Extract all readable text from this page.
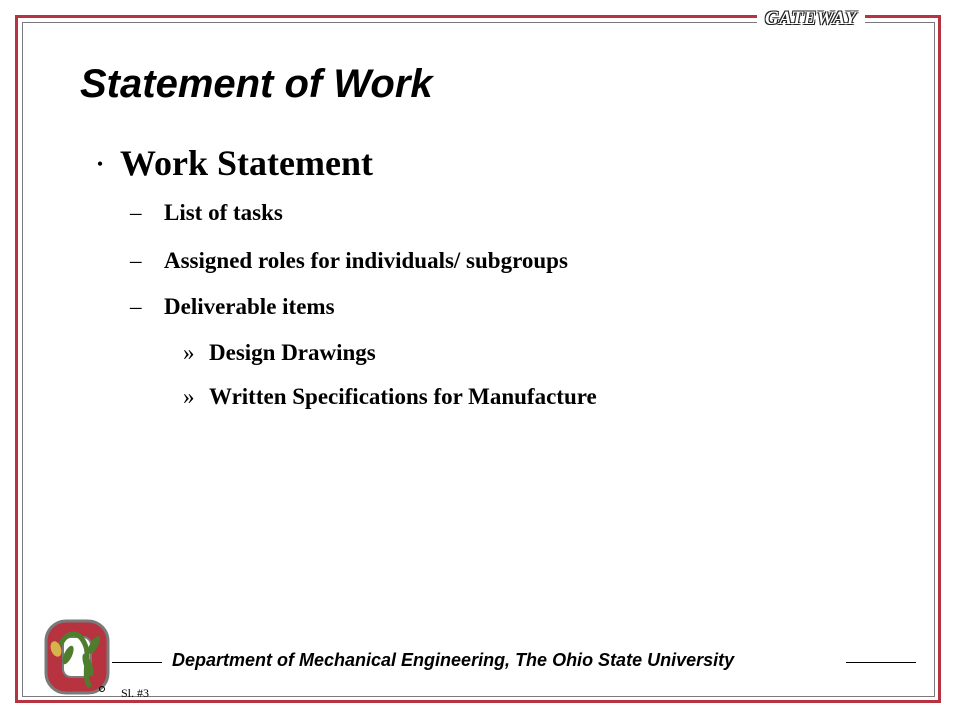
GATEWAY
Statement of Work
• Work Statement
– List of tasks
– Assigned roles for individuals/ subgroups
– Deliverable items
» Design Drawings
» Written Specifications for Manufacture
Department of Mechanical Engineering, The Ohio State University
Sl. #3
